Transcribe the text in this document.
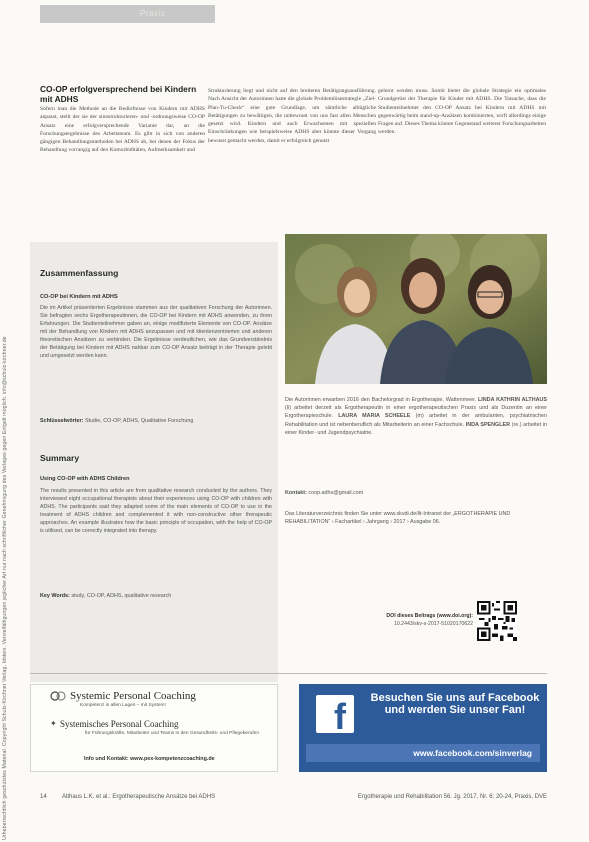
Urheberrechtlich geschütztes Material. Copyright Schulz-Kirchner Verlag, Idstein. Vervielfältigungen jeglicher Art nur nach schriftlicher Genehmigung des Verlages gegen Entgelt möglich. info@schulz-kirchner.de
Praxis
CO-OP erfolgversprechend bei Kindern mit ADHS
Sofern man die Methode an die Bedürfnisse von Kindern mit ADHS anpasst, stellt der sie der sinnstrukturieren- und -ordnungsweise CO-OP Ansatz eine erfolgversprechende Variante dar, an die Forschungsergebnisse des Arbeitsteam. Es gibt in sich von anderen gängigen Behandlungsmethoden bei ADHS ab, bei denen der Fokus der Behandlung vorrangig auf den Komorbiditäten, Aufmerksamkeit und
Strukturierung liegt und nicht auf den breiteren Betätigungsausführung. Nach Ansicht der Autorinnen hatte die globale Problemlösestrategie „Ziel-Plan-Tu-Check“ eine gute Grundlage, um sämtliche alltägliche Betätigungen zu bewältigen, die unbewusst von uns fast allen Menschen gesetzt wird. Kindern und auch Erwachsenen mit speziellen Einschränkungen wie beispielsweise ADHS aber könnte dieser Vorgang bewusst gemacht werden, damit er erfolgreich genutzt
gelernt werden muss. Somit bietet die globale Strategie ein optimales Grundgerüst der Therapie für Kinder mit ADHS. Die Tatsache, dass die Studienteilnehmer den CO-OP Ansatz bei Kindern mit ADHS mit gegenwärtig beim stand-up-Ansätzen kombinierten, wirft allerdings einige Fragen auf. Dieses Thema könnte Gegenstand weiterer Forschungsarbeiten werden.
Zusammenfassung
CO-OP bei Kindern mit ADHS
Die im Artikel präsentierten Ergebnisse stammen aus der qualitativen Forschung der Autorinnen. Sie befragten sechs Ergotherapeutinnen, die CO-OP bei Kindern mit ADHS anwenden, zu ihren Erfahrungen. Die Studienteilnehmer gaben an, einige modifizierte Elemente von CO-OP. Ansätze mit der Behandlung von Kindern mit ADHS anzupassen und mit klientenzentrierten und anderen theoretischen Ansätzen zu verbinden. Die Ergebnisse verdeutlichen, wie das Grundverständnis der Betätigung bei Kindern mit ADHS nahbar zum CO-OP Ansatz beiträgt in der Therapie gelebt und umgesetzt werden kann.
Schlüsselwörter: Studie, CO-OP, ADHS, Qualitative Forschung
Summary
Using CO-OP with ADHS Children
The results presented in this article are from qualitative research conducted by the authors. They interviewed eight occupational therapists about their experiences using CO-OP with children with ADHS. The participants said they adapted some of the main elements of CO-OP to use in the treatment of ADHS children and complemented it with non-constructive other therapeutic approaches. An example illustrates how the basic principle of occupation, with the help of CO-OP is utilised, can be correctly integrated into therapy.
Key Words: study, CO-OP, ADHS, qualitative research
Die Autorinnen erwarben 2016 den Bachelorgrad in Ergotherapie, Wattenmeer. LINDA KATHRIN ALTHAUS (li) arbeitet derzeit als Ergotherapeutin in einer ergotherapeutischen Praxis und als Dozentin an einer Ergotherapieschule. LAURA MARIA SCHEELE (m) arbeitet in der ambulanten, psychiatrischen Rehabilitation und ist nebenberuflich als Mitarbeiterin an einer Fachschule. INDA SPENGLER (re.) arbeitet in einer Kinder- und Jugendpsychiatrie.
Kontakt: coop.adhs@gmail.com
Das Literaturverzeichnis finden Sie unter www.skvdi.de/lit-Intranet der „ERGOTHERAPIE UND REHABILITATION“ › Fachartikel › Jahrgang › 2017 › Ausgabe 06.
DOI dieses Beitrags (www.doi.org):
10.2443/skv-s-2017-51020170622
Systemic Personal Coaching
Kompetenz in allen Lagen – mit System!
✦ Systemisches Personal Coaching
für Führungskräfte, Mitarbeiter und Teams in den Gesundheits- und Pflegeberufen
Info und Kontakt: www.pex-kompetenzcoaching.de
f	Besuchen Sie uns auf Facebook und werden Sie unser Fan!
www.facebook.com/sinverlag
14	Althaus L.K. et al.: Ergotherapeutische Ansätze bei ADHS	Ergotherapie und Rehabilitation 56. Jg. 2017, Nr. 6: 20-24, Praxis, DVE
